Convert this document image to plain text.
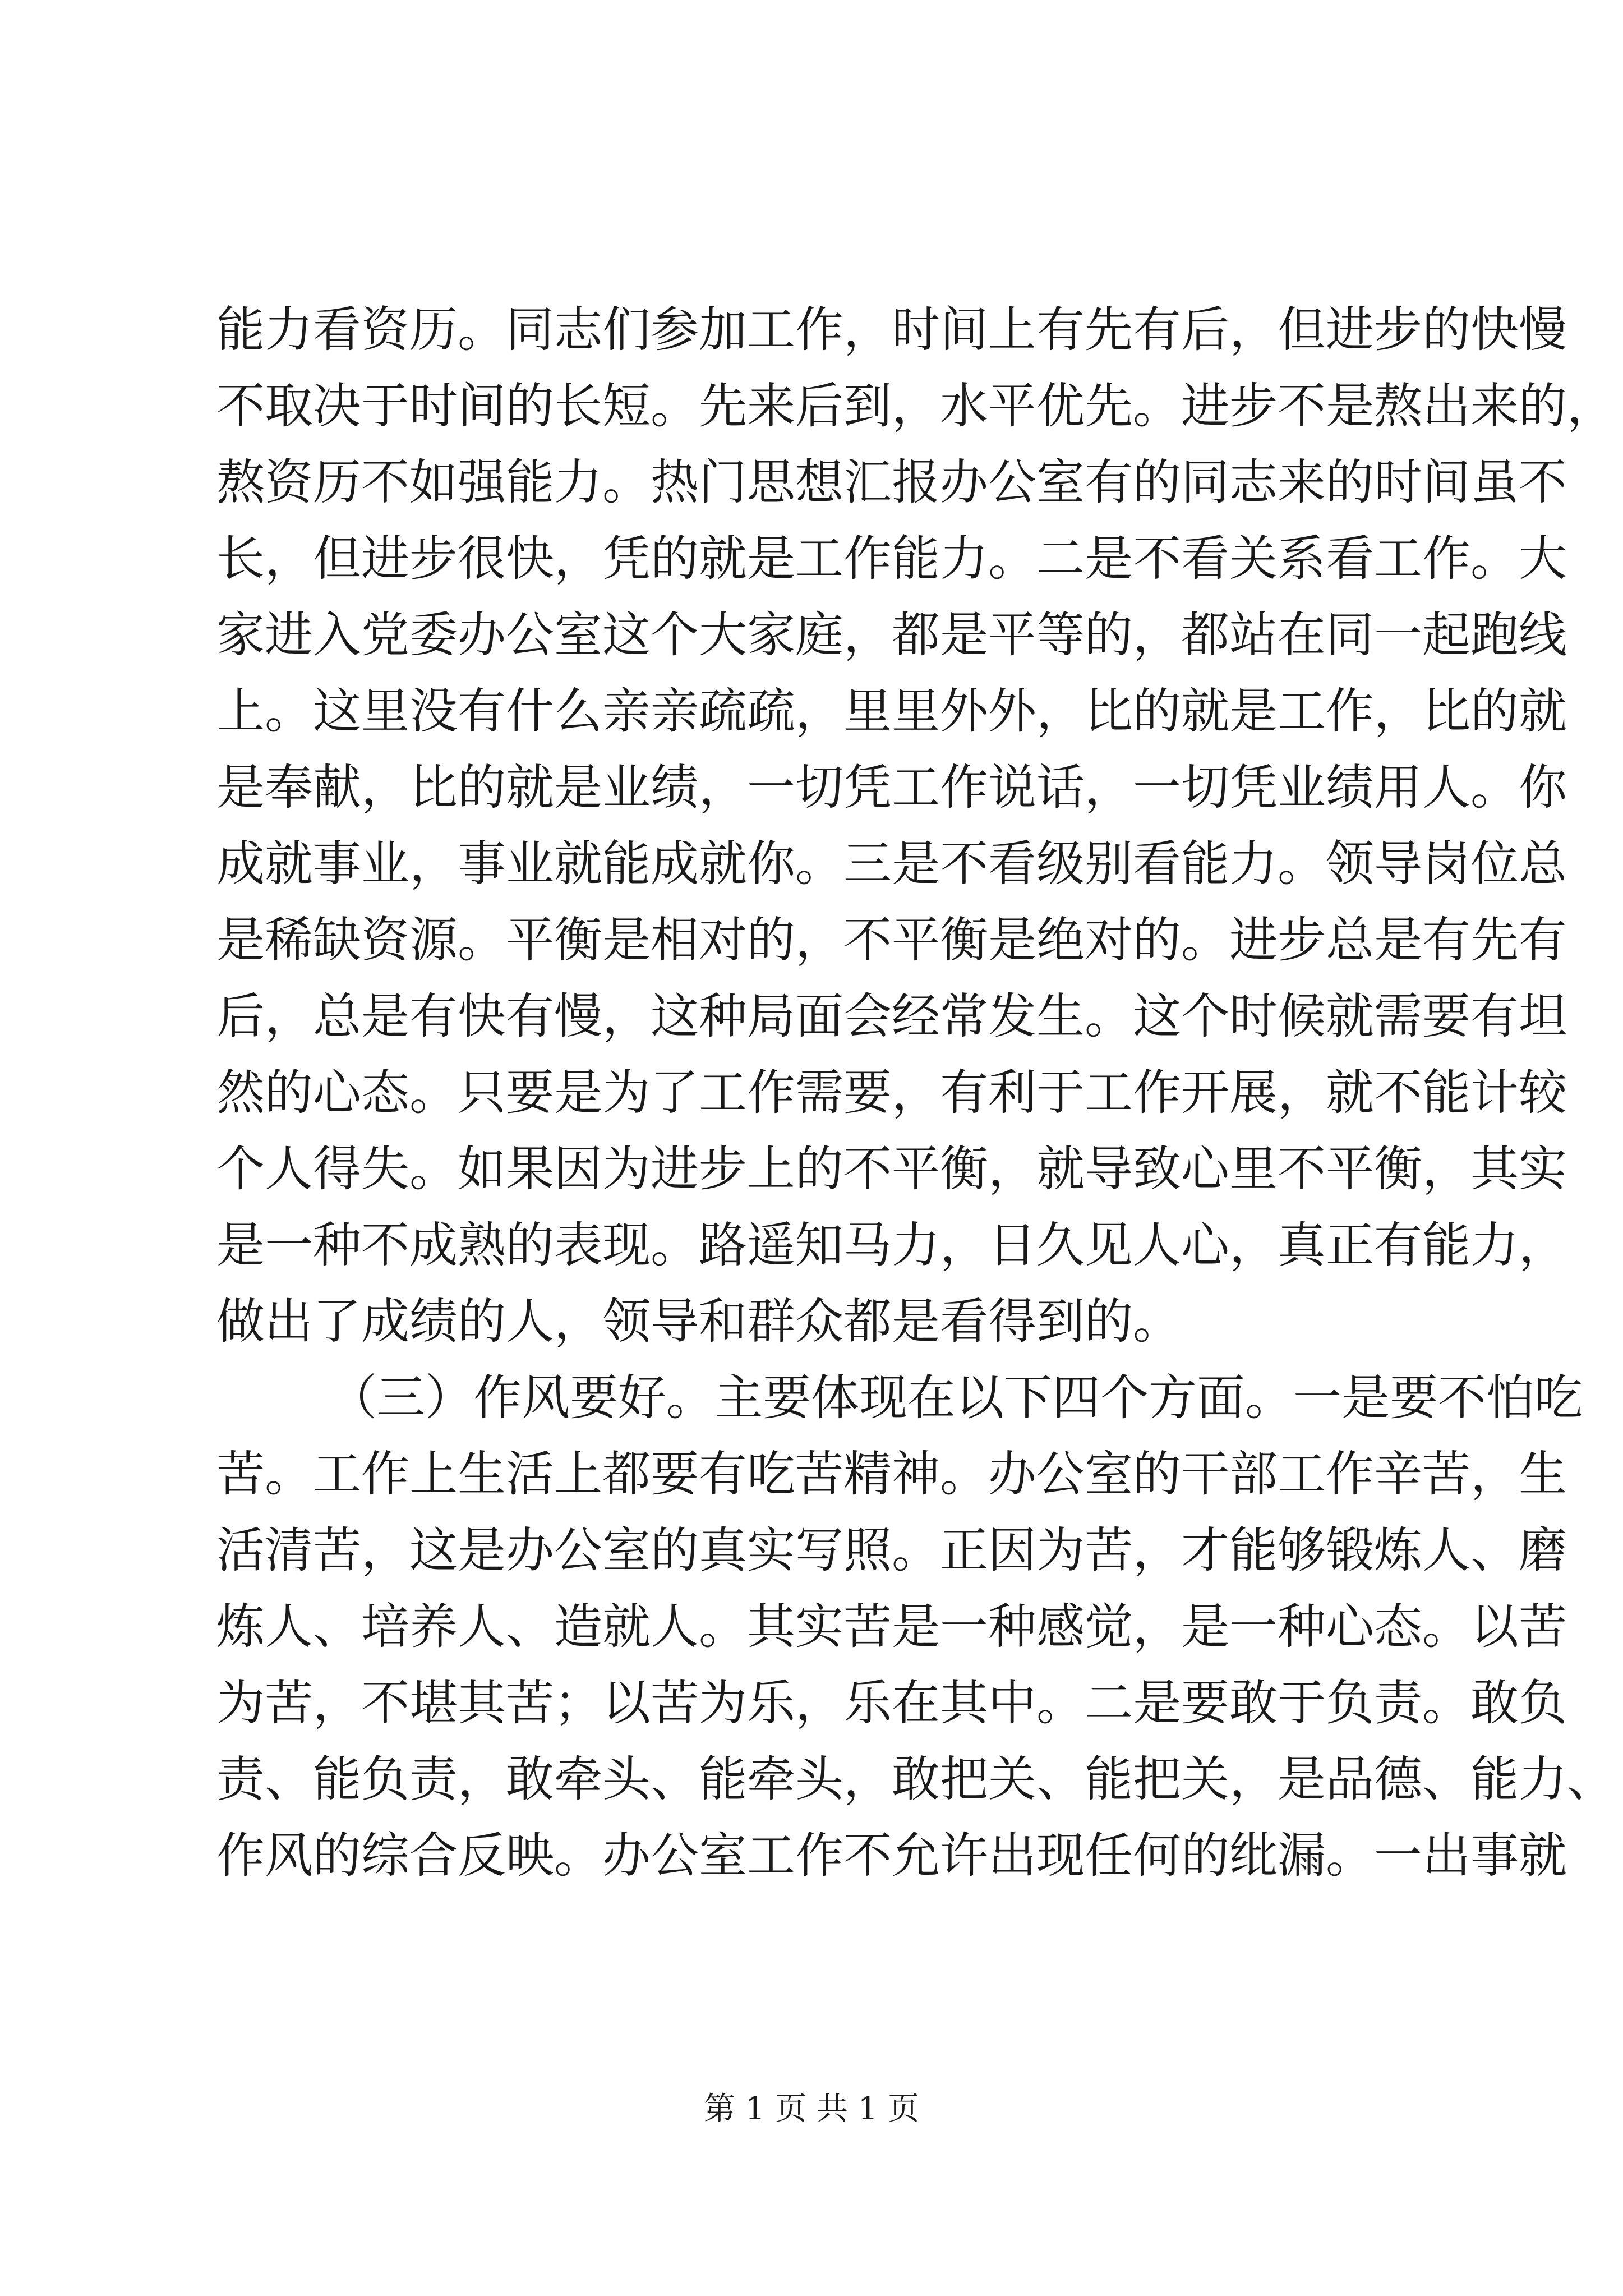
能力看资历。同志们参加工作，时间上有先有后，但进步的快慢
不取决于时间的长短。先来后到，水平优先。进步不是熬出来的，
熬资历不如强能力。热门思想汇报办公室有的同志来的时间虽不
长，但进步很快，凭的就是工作能力。二是不看关系看工作。大
家进入党委办公室这个大家庭，都是平等的，都站在同一起跑线
上。这里没有什么亲亲疏疏，里里外外，比的就是工作，比的就
是奉献，比的就是业绩，一切凭工作说话，一切凭业绩用人。你
成就事业，事业就能成就你。三是不看级别看能力。领导岗位总
是稀缺资源。平衡是相对的，不平衡是绝对的。进步总是有先有
后，总是有快有慢，这种局面会经常发生。这个时候就需要有坦
然的心态。只要是为了工作需要，有利于工作开展，就不能计较
个人得失。如果因为进步上的不平衡，就导致心里不平衡，其实
是一种不成熟的表现。路遥知马力，日久见人心，真正有能力，
做出了成绩的人，领导和群众都是看得到的。
（三）作风要好。主要体现在以下四个方面。一是要不怕吃
苦。工作上生活上都要有吃苦精神。办公室的干部工作辛苦，生
活清苦，这是办公室的真实写照。正因为苦，才能够锻炼人、磨
炼人、培养人、造就人。其实苦是一种感觉，是一种心态。以苦
为苦，不堪其苦；以苦为乐，乐在其中。二是要敢于负责。敢负
责、能负责，敢牵头、能牵头，敢把关、能把关，是品德、能力、
作风的综合反映。办公室工作不允许出现任何的纰漏。一出事就
第 1 页 共 1 页
